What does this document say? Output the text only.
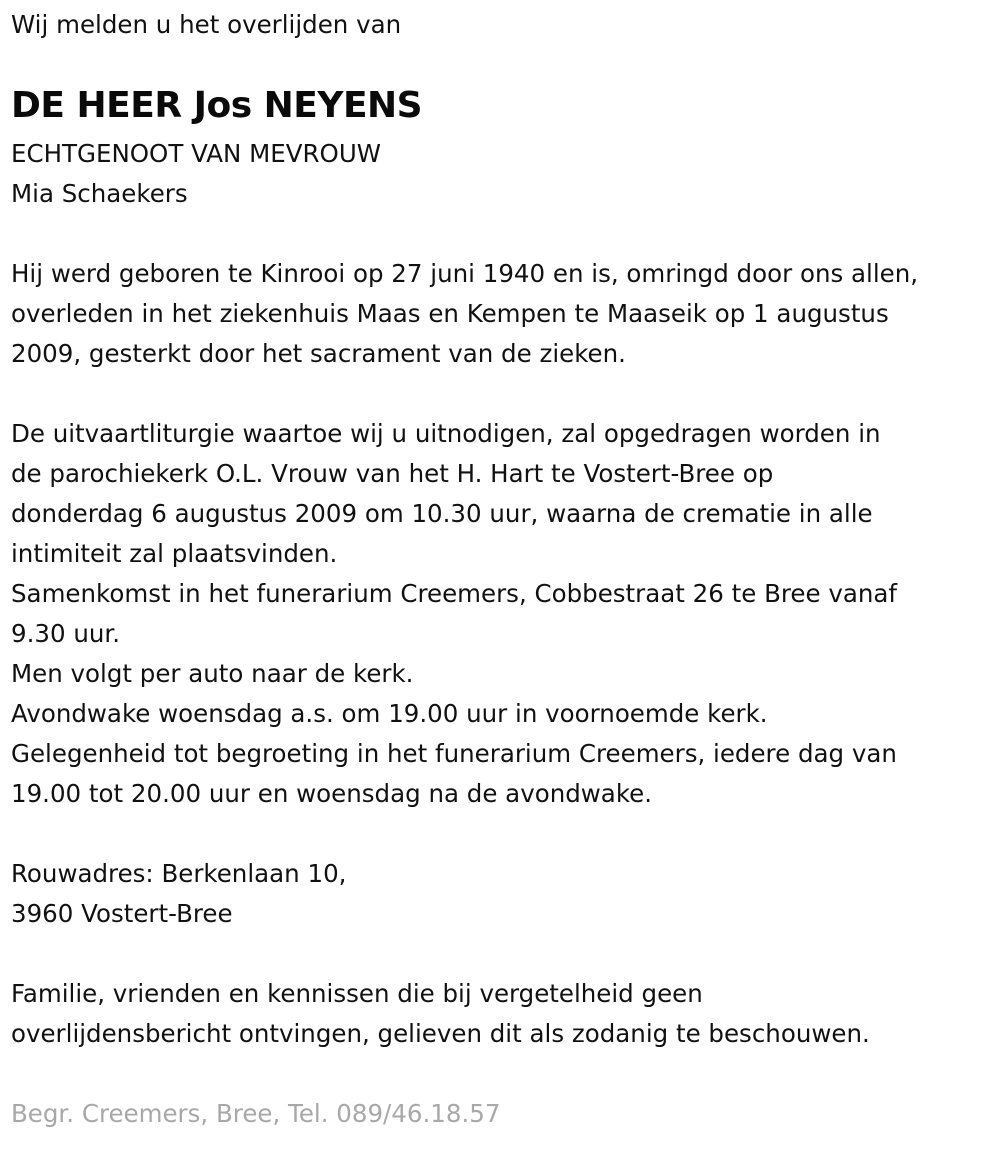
Wij melden u het overlijden van
DE HEER Jos NEYENS
ECHTGENOOT VAN MEVROUW
Mia Schaekers
Hij werd geboren te Kinrooi op 27 juni 1940 en is, omringd door ons allen,
overleden in het ziekenhuis Maas en Kempen te Maaseik op 1 augustus
2009, gesterkt door het sacrament van de zieken.
De uitvaartliturgie waartoe wij u uitnodigen, zal opgedragen worden in
de parochiekerk O.L. Vrouw van het H. Hart te Vostert-Bree op
donderdag 6 augustus 2009 om 10.30 uur, waarna de crematie in alle
intimiteit zal plaatsvinden.
Samenkomst in het funerarium Creemers, Cobbestraat 26 te Bree vanaf
9.30 uur.
Men volgt per auto naar de kerk.
Avondwake woensdag a.s. om 19.00 uur in voornoemde kerk.
Gelegenheid tot begroeting in het funerarium Creemers, iedere dag van
19.00 tot 20.00 uur en woensdag na de avondwake.
Rouwadres: Berkenlaan 10,
3960 Vostert-Bree
Familie, vrienden en kennissen die bij vergetelheid geen
overlijdensbericht ontvingen, gelieven dit als zodanig te beschouwen.
Begr. Creemers, Bree, Tel. 089/46.18.57
